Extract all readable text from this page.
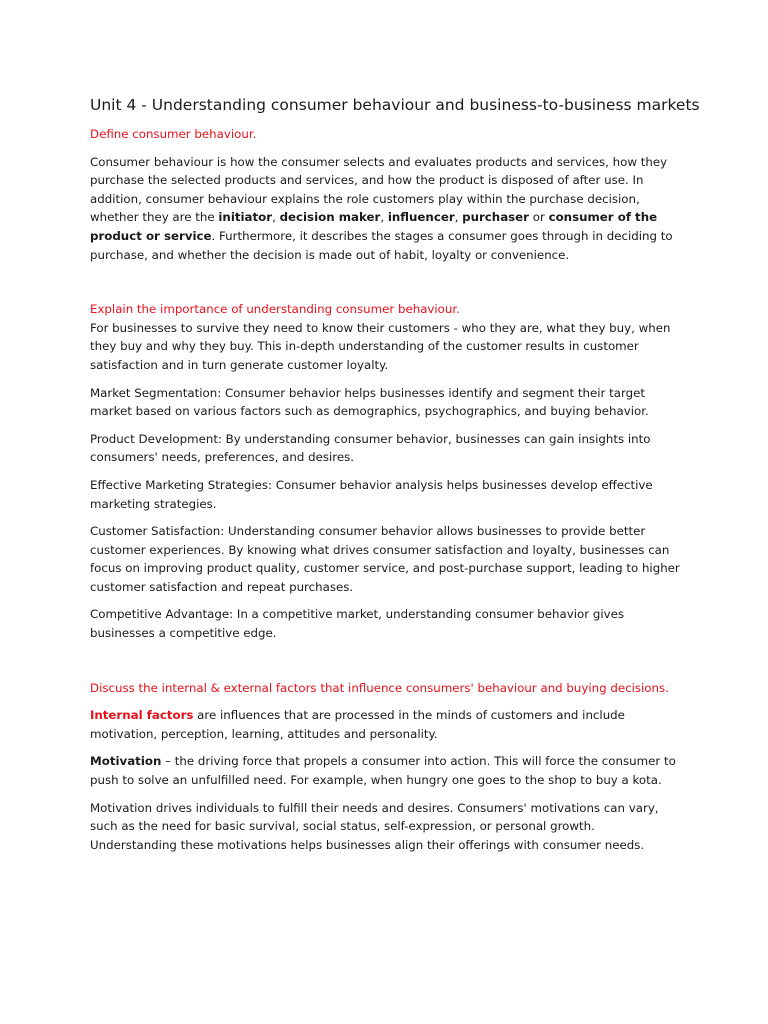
Unit 4 - Understanding consumer behaviour and business-to-business markets

Define consumer behaviour.

Consumer behaviour is how the consumer selects and evaluates products and services, how they purchase the selected products and services, and how the product is disposed of after use. In addition, consumer behaviour explains the role customers play within the purchase decision, whether they are the initiator, decision maker, influencer, purchaser or consumer of the product or service. Furthermore, it describes the stages a consumer goes through in deciding to purchase, and whether the decision is made out of habit, loyalty or convenience.

Explain the importance of understanding consumer behaviour.

For businesses to survive they need to know their customers - who they are, what they buy, when they buy and why they buy. This in-depth understanding of the customer results in customer satisfaction and in turn generate customer loyalty.

Market Segmentation: Consumer behavior helps businesses identify and segment their target market based on various factors such as demographics, psychographics, and buying behavior.

Product Development: By understanding consumer behavior, businesses can gain insights into consumers' needs, preferences, and desires.

Effective Marketing Strategies: Consumer behavior analysis helps businesses develop effective marketing strategies.

Customer Satisfaction: Understanding consumer behavior allows businesses to provide better customer experiences. By knowing what drives consumer satisfaction and loyalty, businesses can focus on improving product quality, customer service, and post-purchase support, leading to higher customer satisfaction and repeat purchases.

Competitive Advantage: In a competitive market, understanding consumer behavior gives businesses a competitive edge.

Discuss the internal & external factors that influence consumers' behaviour and buying decisions.

Internal factors are influences that are processed in the minds of customers and include motivation, perception, learning, attitudes and personality.

Motivation – the driving force that propels a consumer into action. This will force the consumer to push to solve an unfulfilled need. For example, when hungry one goes to the shop to buy a kota.

Motivation drives individuals to fulfill their needs and desires. Consumers' motivations can vary, such as the need for basic survival, social status, self-expression, or personal growth. Understanding these motivations helps businesses align their offerings with consumer needs.
